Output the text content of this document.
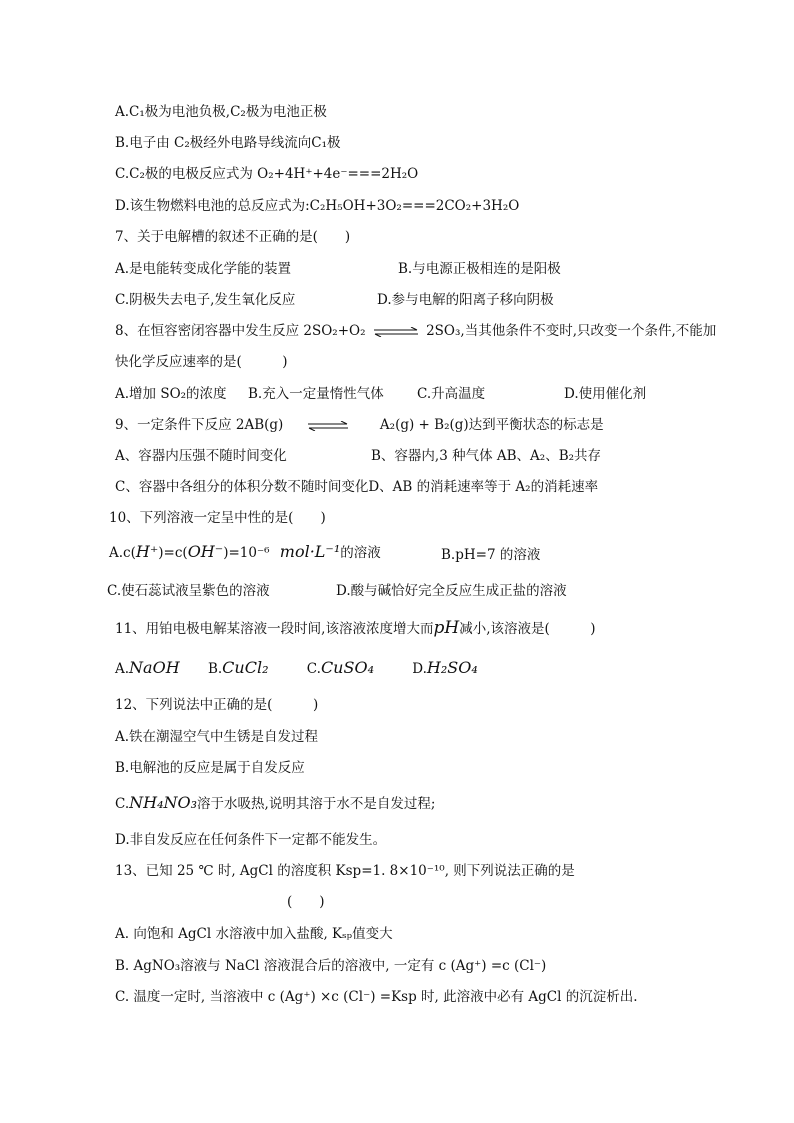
A.C₁极为电池负极,C₂极为电池正极
B.电子由 C₂极经外电路导线流向C₁极
C.C₂极的电极反应式为 O₂+4H⁺+4e⁻===2H₂O
D.该生物燃料电池的总反应式为:C₂H₅OH+3O₂===2CO₂+3H₂O
7、关于电解槽的叙述不正确的是(　　)
A.是电能转变成化学能的装置	B.与电源正极相连的是阳极
C.阴极失去电子,发生氧化反应	D.参与电解的阳离子移向阴极
8、在恒容密闭容器中发生反应 2SO₂+O₂ ⇌ 2SO₃,当其他条件不变时,只改变一个条件,不能加
快化学反应速率的是(　　　)
A.增加 SO₂的浓度 B.充入一定量惰性气体 C.升高温度	D.使用催化剂
9、一定条件下反应 2AB(g)	A₂(g) + B₂(g)达到平衡状态的标志是
A、容器内压强不随时间变化	B、容器内,3 种气体 AB、A₂、B₂共存
C、容器中各组分的体积分数不随时间变化D、AB 的消耗速率等于 A₂的消耗速率
10、下列溶液一定呈中性的是(　　)
A.c(H⁺)=c(OH⁻)=10⁻⁶ mol·L⁻¹的溶液	B.pH=7 的溶液
C.使石蕊试液呈紫色的溶液	D.酸与碱恰好完全反应生成正盐的溶液
11、用铂电极电解某溶液一段时间,该溶液浓度增大而pH减小,该溶液是(　　　)
A.NaOH B.CuCl₂	C.CuSO₄	D.H₂SO₄
12、下列说法中正确的是(　　　)
A.铁在潮湿空气中生锈是自发过程
B.电解池的反应是属于自发反应
C.NH₄NO₃溶于水吸热,说明其溶于水不是自发过程;
D.非自发反应在任何条件下一定都不能发生。
13、已知 25 ℃ 时, AgCl 的溶度积 Ksp=1. 8×10⁻¹⁰, 则下列说法正确的是
(　　)
A. 向饱和 AgCl 水溶液中加入盐酸, Kₛₚ值变大
B. AgNO₃溶液与 NaCl 溶液混合后的溶液中, 一定有 c (Ag⁺) =c (Cl⁻)
C. 温度一定时, 当溶液中 c (Ag⁺) ×c (Cl⁻) =Ksp 时, 此溶液中必有 AgCl 的沉淀析出.
